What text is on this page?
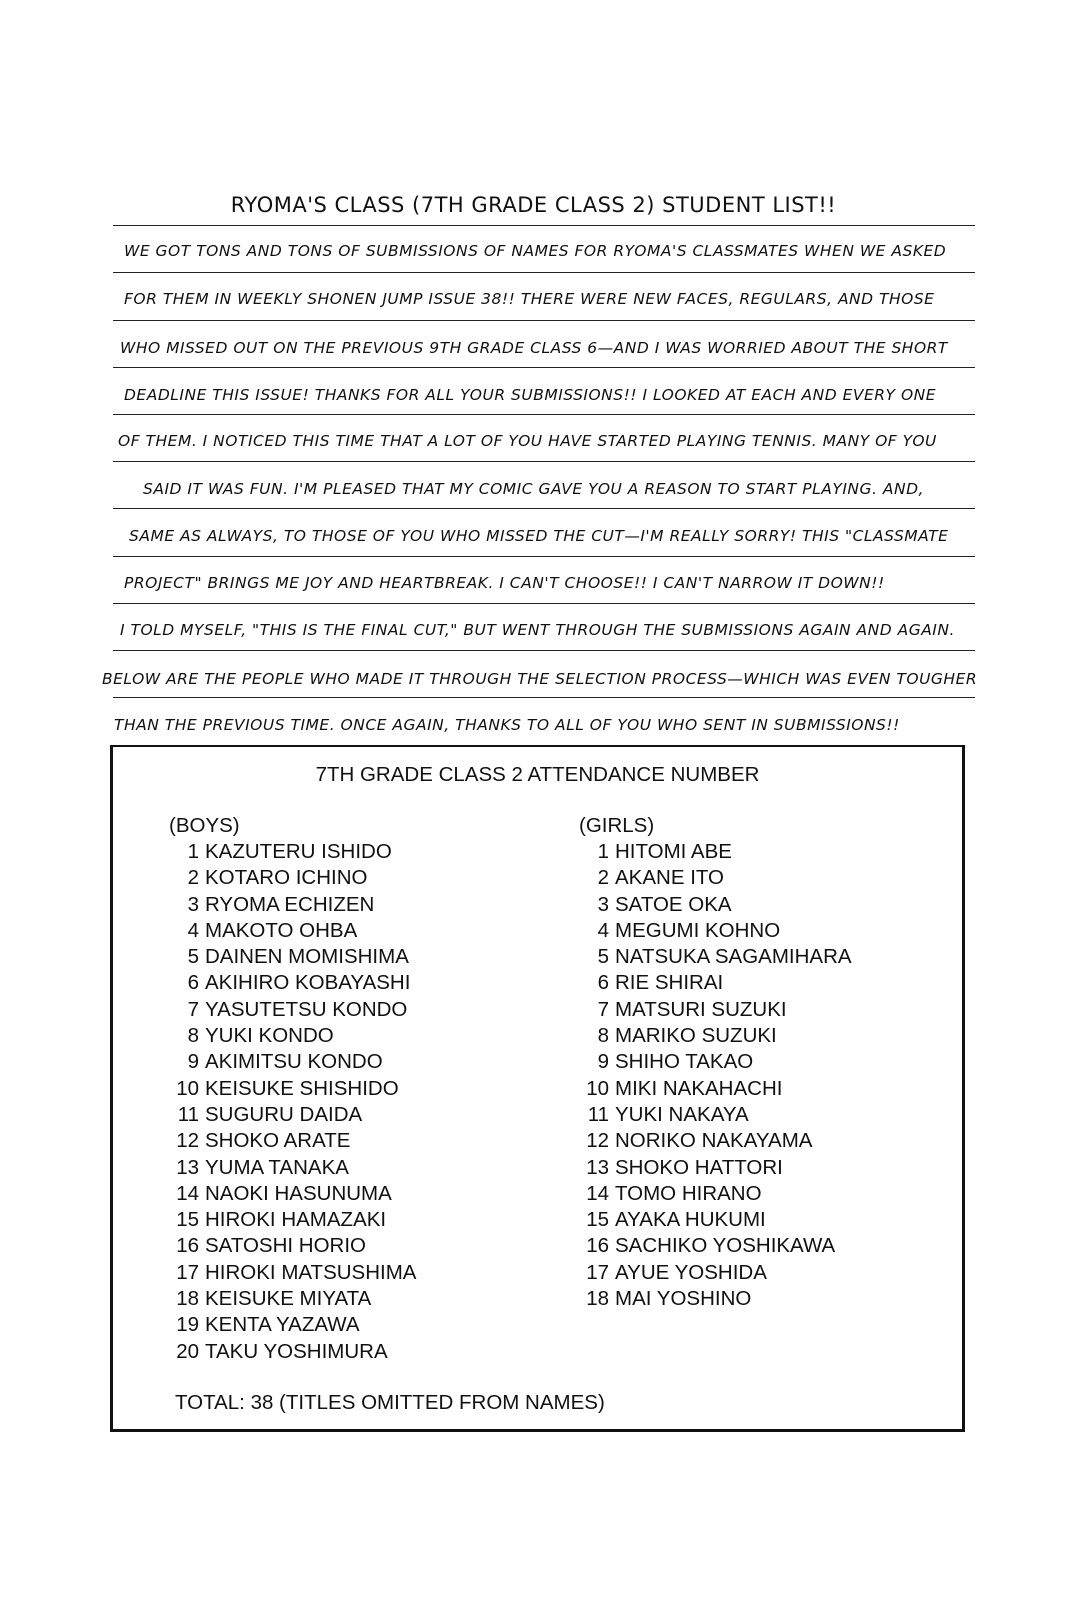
RYOMA'S CLASS (7TH GRADE CLASS 2) STUDENT LIST!!
WE GOT TONS AND TONS OF SUBMISSIONS OF NAMES FOR RYOMA'S CLASSMATES WHEN WE ASKED
FOR THEM IN WEEKLY SHONEN JUMP ISSUE 38!! THERE WERE NEW FACES, REGULARS, AND THOSE
WHO MISSED OUT ON THE PREVIOUS 9TH GRADE CLASS 6—AND I WAS WORRIED ABOUT THE SHORT
DEADLINE THIS ISSUE! THANKS FOR ALL YOUR SUBMISSIONS!! I LOOKED AT EACH AND EVERY ONE
OF THEM. I NOTICED THIS TIME THAT A LOT OF YOU HAVE STARTED PLAYING TENNIS. MANY OF YOU
SAID IT WAS FUN. I'M PLEASED THAT MY COMIC GAVE YOU A REASON TO START PLAYING. AND,
SAME AS ALWAYS, TO THOSE OF YOU WHO MISSED THE CUT—I'M REALLY SORRY! THIS "CLASSMATE
PROJECT" BRINGS ME JOY AND HEARTBREAK. I CAN'T CHOOSE!! I CAN'T NARROW IT DOWN!!
I TOLD MYSELF, "THIS IS THE FINAL CUT," BUT WENT THROUGH THE SUBMISSIONS AGAIN AND AGAIN.
BELOW ARE THE PEOPLE WHO MADE IT THROUGH THE SELECTION PROCESS—WHICH WAS EVEN TOUGHER
THAN THE PREVIOUS TIME. ONCE AGAIN, THANKS TO ALL OF YOU WHO SENT IN SUBMISSIONS!!
7TH GRADE CLASS 2 ATTENDANCE NUMBER
(BOYS)
1 KAZUTERU ISHIDO
2 KOTARO ICHINO
3 RYOMA ECHIZEN
4 MAKOTO OHBA
5 DAINEN MOMISHIMA
6 AKIHIRO KOBAYASHI
7 YASUTETSU KONDO
8 YUKI KONDO
9 AKIMITSU KONDO
10 KEISUKE SHISHIDO
11 SUGURU DAIDA
12 SHOKO ARATE
13 YUMA TANAKA
14 NAOKI HASUNUMA
15 HIROKI HAMAZAKI
16 SATOSHI HORIO
17 HIROKI MATSUSHIMA
18 KEISUKE MIYATA
19 KENTA YAZAWA
20 TAKU YOSHIMURA
(GIRLS)
1 HITOMI ABE
2 AKANE ITO
3 SATOE OKA
4 MEGUMI KOHNO
5 NATSUKA SAGAMIHARA
6 RIE SHIRAI
7 MATSURI SUZUKI
8 MARIKO SUZUKI
9 SHIHO TAKAO
10 MIKI NAKAHACHI
11 YUKI NAKAYA
12 NORIKO NAKAYAMA
13 SHOKO HATTORI
14 TOMO HIRANO
15 AYAKA HUKUMI
16 SACHIKO YOSHIKAWA
17 AYUE YOSHIDA
18 MAI YOSHINO
TOTAL: 38 (TITLES OMITTED FROM NAMES)
